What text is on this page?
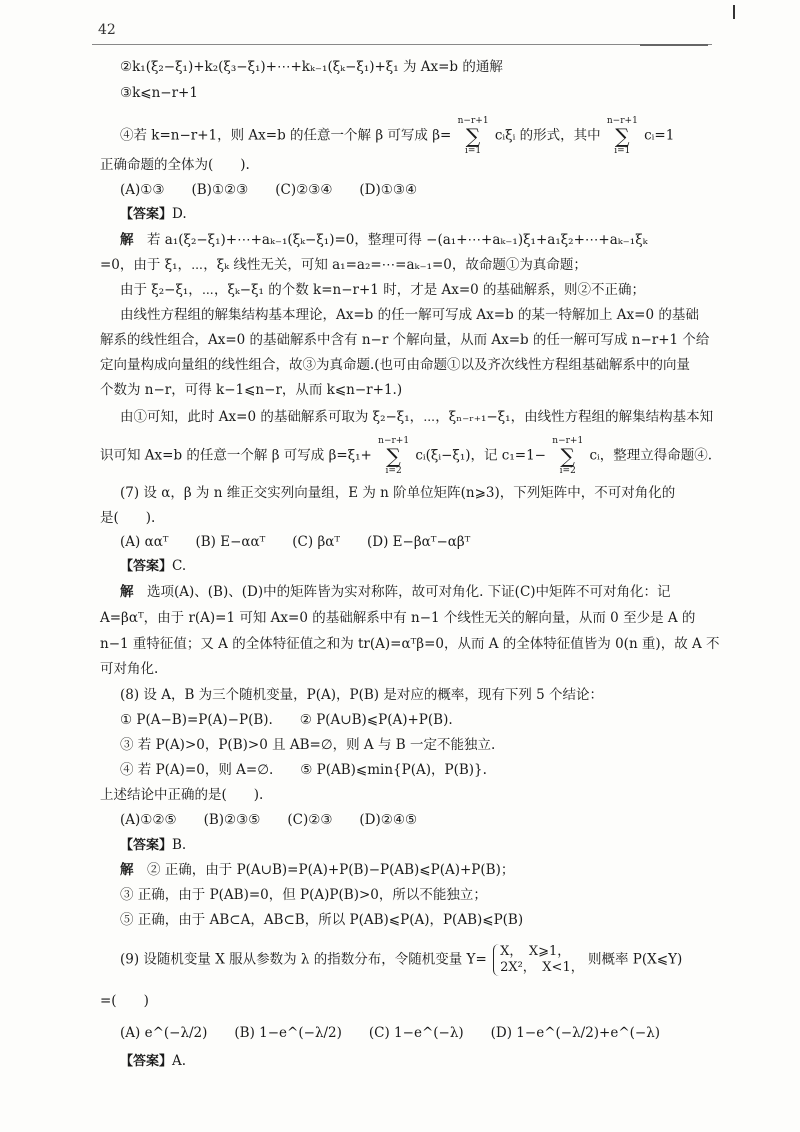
42
②k₁(ξ₂−ξ₁)+k₂(ξ₃−ξ₁)+⋯+kₖ₋₁(ξₖ−ξ₁)+ξ₁ 为 Ax=b 的通解
③k⩽n−r+1
④若 k=n−r+1，则 Ax=b 的任意一个解 β 可写成 β= n−r+1
∑
i=1 cᵢξᵢ 的形式，其中 n−r+1
∑
i=1 cᵢ=1
正确命题的全体为(　　).
(A)①③　　(B)①②③　　(C)②③④　　(D)①③④
【答案】D.
解　 若 a₁(ξ₂−ξ₁)+⋯+aₖ₋₁(ξₖ−ξ₁)=0，整理可得 −(a₁+⋯+aₖ₋₁)ξ₁+a₁ξ₂+⋯+aₖ₋₁ξₖ
=0，由于 ξ₁，⋯，ξₖ 线性无关，可知 a₁=a₂=⋯=aₖ₋₁=0，故命题①为真命题；
由于 ξ₂−ξ₁，⋯，ξₖ−ξ₁ 的个数 k=n−r+1 时，才是 Ax=0 的基础解系，则②不正确；
由线性方程组的解集结构基本理论，Ax=b 的任一解可写成 Ax=b 的某一特解加上 Ax=0 的基础
解系的线性组合，Ax=0 的基础解系中含有 n−r 个解向量，从而 Ax=b 的任一解可写成 n−r+1 个给
定向量构成向量组的线性组合，故③为真命题.(也可由命题①以及齐次线性方程组基础解系中的向量
个数为 n−r，可得 k−1⩽n−r，从而 k⩽n−r+1.)
由①可知，此时 Ax=0 的基础解系可取为 ξ₂−ξ₁，⋯，ξₙ₋ᵣ₊₁−ξ₁，由线性方程组的解集结构基本知
识可知 Ax=b 的任意一个解 β 可写成 β=ξ₁+ n−r+1
∑
i=2 cᵢ(ξᵢ−ξ₁)，记 c₁=1− n−r+1
∑
i=2 cᵢ，整理立得命题④.
(7) 设 α，β 为 n 维正交实列向量组，E 为 n 阶单位矩阵(n⩾3)，下列矩阵中，不可对角化的
是(　　).
(A) ααᵀ　　(B) E−ααᵀ　　(C) βαᵀ　　(D) E−βαᵀ−αβᵀ
【答案】C.
解　 选项(A)、(B)、(D)中的矩阵皆为实对称阵，故可对角化. 下证(C)中矩阵不可对角化：记
A=βαᵀ，由于 r(A)=1 可知 Ax=0 的基础解系中有 n−1 个线性无关的解向量，从而 0 至少是 A 的
n−1 重特征值；又 A 的全体特征值之和为 tr(A)=αᵀβ=0，从而 A 的全体特征值皆为 0(n 重)，故 A 不
可对角化.
(8) 设 A，B 为三个随机变量，P(A)，P(B) 是对应的概率，现有下列 5 个结论：
① P(A−B)=P(A)−P(B).　　② P(A∪B)⩽P(A)+P(B).
③ 若 P(A)>0，P(B)>0 且 AB=∅，则 A 与 B 一定不能独立.
④ 若 P(A)=0，则 A=∅.　　⑤ P(AB)⩽min{P(A)，P(B)}.
上述结论中正确的是(　　).
(A)①②⑤　　(B)②③⑤　　(C)②③　　(D)②④⑤
【答案】B.
解　 ② 正确，由于 P(A∪B)=P(A)+P(B)−P(AB)⩽P(A)+P(B)；
③ 正确，由于 P(AB)=0，但 P(A)P(B)>0，所以不能独立；
⑤ 正确，由于 AB⊂A，AB⊂B，所以 P(AB)⩽P(A)，P(AB)⩽P(B)
(9) 设随机变量 X 服从参数为 λ 的指数分布，令随机变量 Y= X，　X⩾1，
2X²，　X<1， 则概率 P(X⩽Y)
=(　　)
(A) e^(−λ/2)　　(B) 1−e^(−λ/2)　　(C) 1−e^(−λ)　　(D) 1−e^(−λ/2)+e^(−λ)
【答案】A.
